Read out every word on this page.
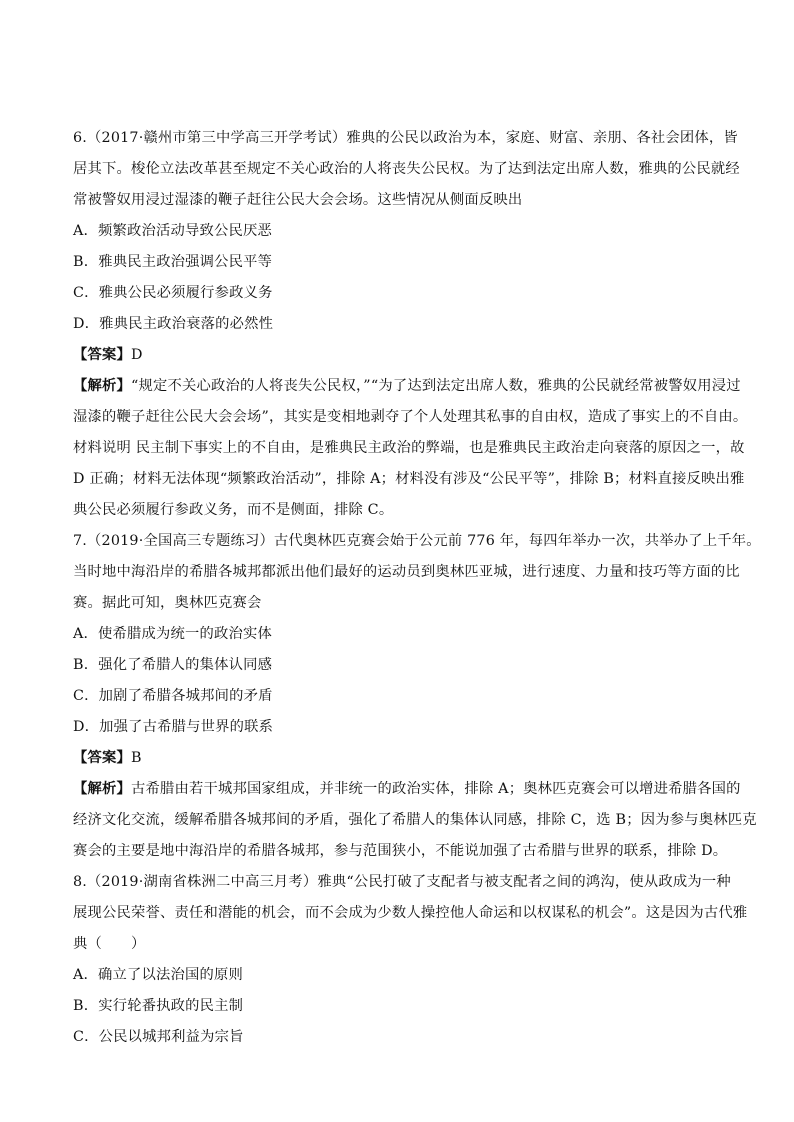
6.（2017·赣州市第三中学高三开学考试）雅典的公民以政治为本，家庭、财富、亲朋、各社会团体，皆
居其下。梭伦立法改革甚至规定不关心政治的人将丧失公民权。为了达到法定出席人数，雅典的公民就经
常被警奴用浸过湿漆的鞭子赶往公民大会会场。这些情况从侧面反映出
A．频繁政治活动导致公民厌恶
B．雅典民主政治强调公民平等
C．雅典公民必须履行参政义务
D．雅典民主政治衰落的必然性
【答案】D
【解析】“规定不关心政治的人将丧失公民权，”“为了达到法定出席人数，雅典的公民就经常被警奴用浸过
湿漆的鞭子赶往公民大会会场”，其实是变相地剥夺了个人处理其私事的自由权，造成了事实上的不自由。
材料说明 民主制下事实上的不自由，是雅典民主政治的弊端，也是雅典民主政治走向衰落的原因之一，故
D 正确；材料无法体现“频繁政治活动”，排除 A；材料没有涉及“公民平等”，排除 B；材料直接反映出雅
典公民必须履行参政义务，而不是侧面，排除 C。
7.（2019·全国高三专题练习）古代奥林匹克赛会始于公元前 776 年，每四年举办一次，共举办了上千年。
当时地中海沿岸的希腊各城邦都派出他们最好的运动员到奥林匹亚城，进行速度、力量和技巧等方面的比
赛。据此可知，奥林匹克赛会
A．使希腊成为统一的政治实体
B．强化了希腊人的集体认同感
C．加剧了希腊各城邦间的矛盾
D．加强了古希腊与世界的联系
【答案】B
【解析】古希腊由若干城邦国家组成，并非统一的政治实体，排除 A；奥林匹克赛会可以增进希腊各国的
经济文化交流，缓解希腊各城邦间的矛盾，强化了希腊人的集体认同感，排除 C，选 B；因为参与奥林匹克
赛会的主要是地中海沿岸的希腊各城邦，参与范围狭小，不能说加强了古希腊与世界的联系，排除 D。
8.（2019·湖南省株洲二中高三月考）雅典“公民打破了支配者与被支配者之间的鸿沟，使从政成为一种
展现公民荣誉、责任和潜能的机会，而不会成为少数人操控他人命运和以权谋私的机会”。这是因为古代雅
典（　　）
A．确立了以法治国的原则
B．实行轮番执政的民主制
C．公民以城邦利益为宗旨
